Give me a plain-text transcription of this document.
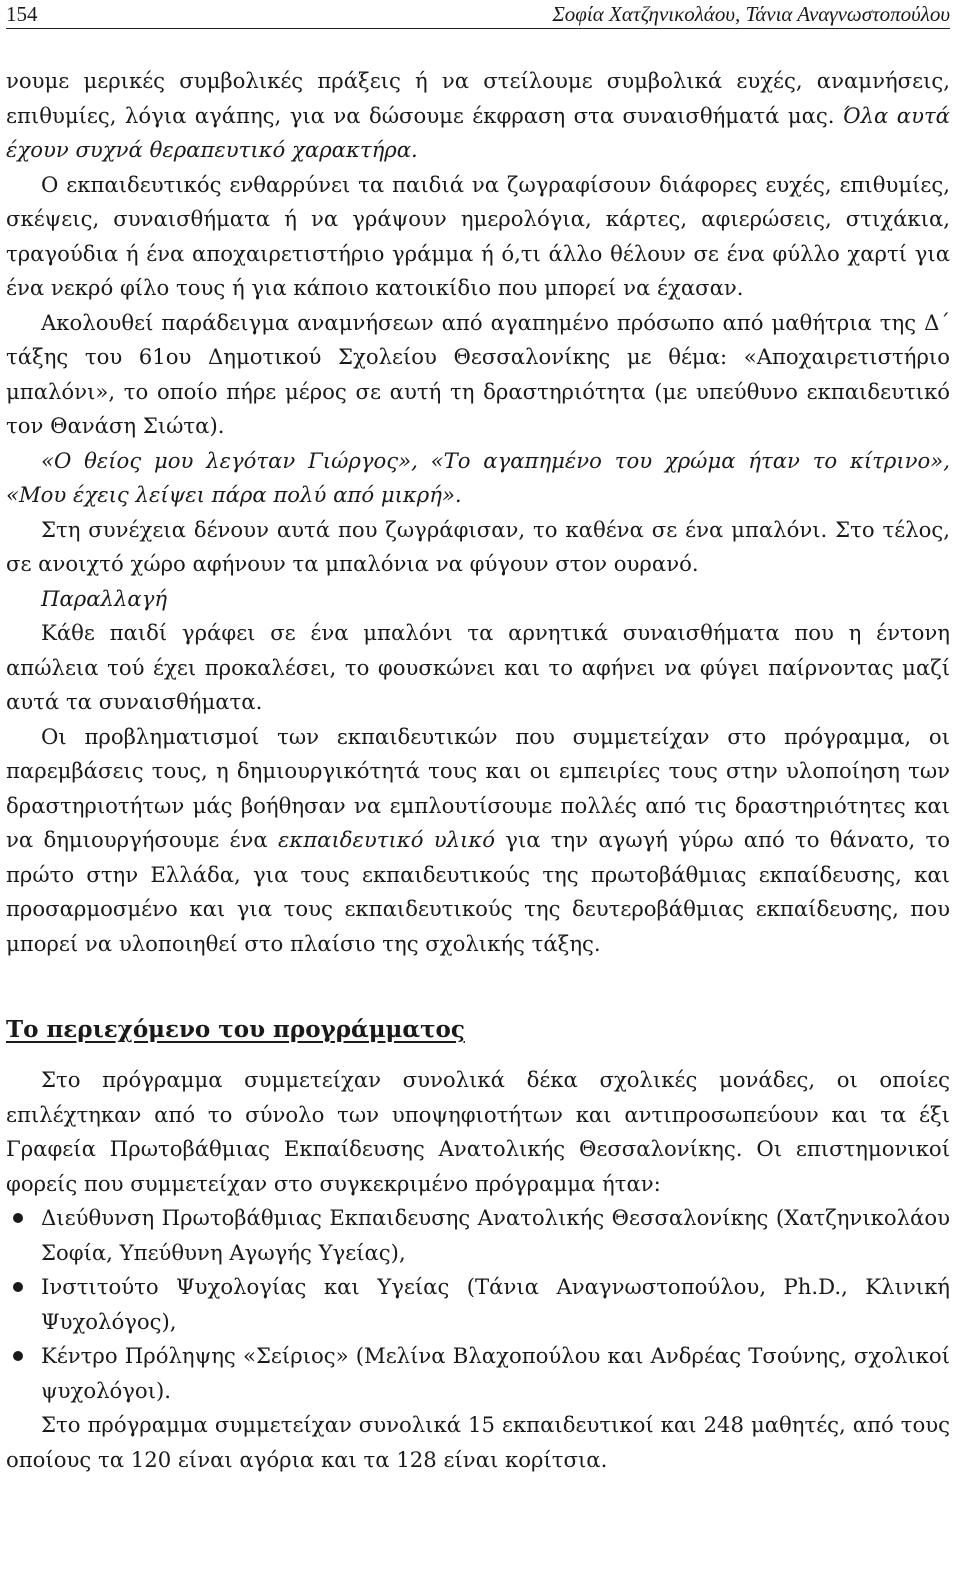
154	Σοφία Χατζηνικολάου, Τάνια Αναγνωστοπούλου

νουμε μερικές συμβολικές πράξεις ή να στείλουμε συμβολικά ευχές, αναμνήσεις, επιθυμίες, λόγια αγάπης, για να δώσουμε έκφραση στα συναισθήματά μας. Όλα αυτά έχουν συχνά θεραπευτικό χαρακτήρα.

Ο εκπαιδευτικός ενθαρρύνει τα παιδιά να ζωγραφίσουν διάφορες ευχές, επιθυμίες, σκέψεις, συναισθήματα ή να γράψουν ημερολόγια, κάρτες, αφιερώσεις, στιχάκια, τραγούδια ή ένα αποχαιρετιστήριο γράμμα ή ό,τι άλλο θέλουν σε ένα φύλλο χαρτί για ένα νεκρό φίλο τους ή για κάποιο κατοικίδιο που μπορεί να έχασαν.

Ακολουθεί παράδειγμα αναμνήσεων από αγαπημένο πρόσωπο από μαθήτρια της Δ΄ τάξης του 61ου Δημοτικού Σχολείου Θεσσαλονίκης με θέμα: «Αποχαιρετιστήριο μπαλόνι», το οποίο πήρε μέρος σε αυτή τη δραστηριότητα (με υπεύθυνο εκπαιδευτικό τον Θανάση Σιώτα).

«Ο θείος μου λεγόταν Γιώργος», «Το αγαπημένο του χρώμα ήταν το κίτρινο», «Μου έχεις λείψει πάρα πολύ από μικρή».

Στη συνέχεια δένουν αυτά που ζωγράφισαν, το καθένα σε ένα μπαλόνι. Στο τέλος, σε ανοιχτό χώρο αφήνουν τα μπαλόνια να φύγουν στον ουρανό.

Παραλλαγή

Κάθε παιδί γράφει σε ένα μπαλόνι τα αρνητικά συναισθήματα που η έντονη απώλεια τού έχει προκαλέσει, το φουσκώνει και το αφήνει να φύγει παίρνοντας μαζί αυτά τα συναισθήματα.

Οι προβληματισμοί των εκπαιδευτικών που συμμετείχαν στο πρόγραμμα, οι παρεμβάσεις τους, η δημιουργικότητά τους και οι εμπειρίες τους στην υλοποίηση των δραστηριοτήτων μάς βοήθησαν να εμπλουτίσουμε πολλές από τις δραστηριότητες και να δημιουργήσουμε ένα εκπαιδευτικό υλικό για την αγωγή γύρω από το θάνατο, το πρώτο στην Ελλάδα, για τους εκπαιδευτικούς της πρωτοβάθμιας εκπαίδευσης, και προσαρμοσμένο και για τους εκπαιδευτικούς της δευτεροβάθμιας εκπαίδευσης, που μπορεί να υλοποιηθεί στο πλαίσιο της σχολικής τάξης.

Το περιεχόμενο του προγράμματος

Στο πρόγραμμα συμμετείχαν συνολικά δέκα σχολικές μονάδες, οι οποίες επιλέχτηκαν από το σύνολο των υποψηφιοτήτων και αντιπροσωπεύουν και τα έξι Γραφεία Πρωτοβάθμιας Εκπαίδευσης Ανατολικής Θεσσαλονίκης. Οι επιστημονικοί φορείς που συμμετείχαν στο συγκεκριμένο πρόγραμμα ήταν:

Διεύθυνση Πρωτοβάθμιας Εκπαιδευσης Ανατολικής Θεσσαλονίκης (Χατζηνικολάου Σοφία, Υπεύθυνη Αγωγής Υγείας),
Ινστιτούτο Ψυχολογίας και Υγείας (Τάνια Αναγνωστοπούλου, Ph.D., Κλινική Ψυχολόγος),
Κέντρο Πρόληψης «Σείριος» (Μελίνα Βλαχοπούλου και Ανδρέας Τσούνης, σχολικοί ψυχολόγοι).

Στο πρόγραμμα συμμετείχαν συνολικά 15 εκπαιδευτικοί και 248 μαθητές, από τους οποίους τα 120 είναι αγόρια και τα 128 είναι κορίτσια.
